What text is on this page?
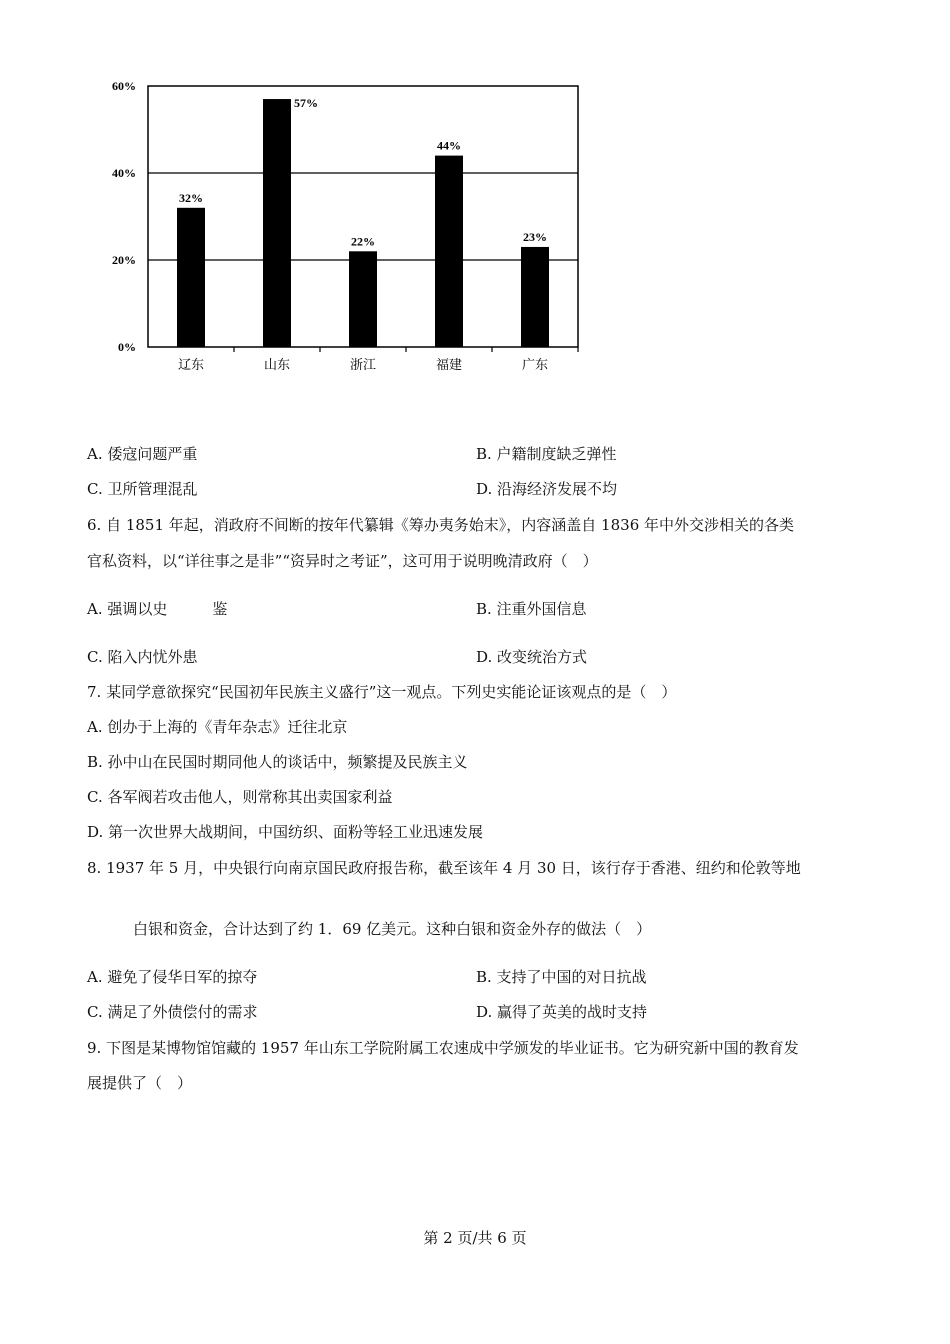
0%
20%
40%
60%
32%
辽东
57%
山东
22%
浙江
44%
福建
23%
广东
A. 倭寇问题严重	B. 户籍制度缺乏弹性
C. 卫所管理混乱	D. 沿海经济发展不均
6. 自 1851 年起，消政府不间断的按年代纂辑《筹办夷务始末》，内容涵盖自 1836 年中外交涉相关的各类
官私资料，以“详往事之是非”“资异时之考证”，这可用于说明晚清政府（　）
A. 强调以史　　　鉴	B. 注重外国信息
C. 陷入内忧外患	D. 改变统治方式
7. 某同学意欲探究“民国初年民族主义盛行”这一观点。下列史实能论证该观点的是（　）
A. 创办于上海的《青年杂志》迁往北京
B. 孙中山在民国时期同他人的谈话中，频繁提及民族主义
C. 各军阀若攻击他人，则常称其出卖国家利益
D. 第一次世界大战期间，中国纺织、面粉等轻工业迅速发展
8. 1937 年 5 月，中央银行向南京国民政府报告称，截至该年 4 月 30 日，该行存于香港、纽约和伦敦等地
白银和资金，合计达到了约 1．69 亿美元。这种白银和资金外存的做法（　）
A. 避免了侵华日军的掠夺	B. 支持了中国的对日抗战
C. 满足了外债偿付的需求	D. 赢得了英美的战时支持
9. 下图是某博物馆馆藏的 1957 年山东工学院附属工农速成中学颁发的毕业证书。它为研究新中国的教育发
展提供了（　）
第 2 页/共 6 页
